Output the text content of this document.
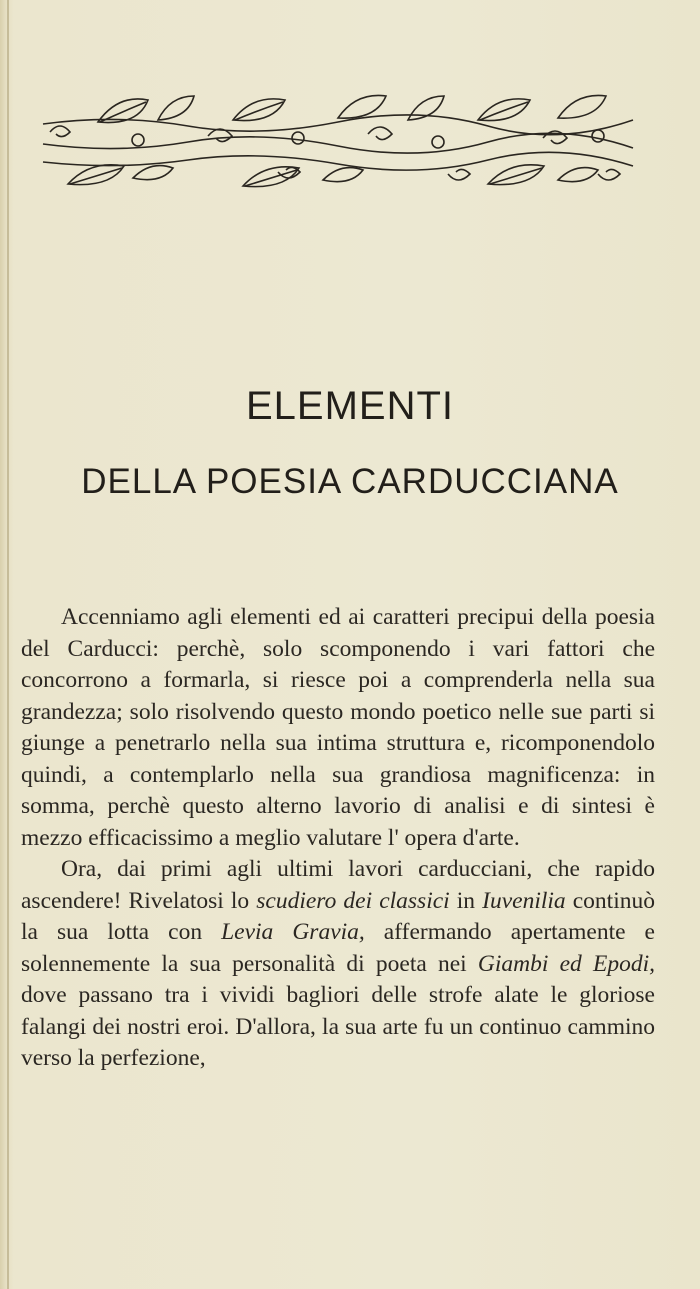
ELEMENTI
DELLA POESIA CARDUCCIANA

Accenniamo agli elementi ed ai caratteri precipui della poesia del Carducci: perchè, solo scomponendo i vari fattori che concorrono a formarla, si riesce poi a comprenderla nella sua grandezza; solo risolvendo questo mondo poetico nelle sue parti si giunge a penetrarlo nella sua intima struttura e, ricomponendolo quindi, a contemplarlo nella sua grandiosa magnificenza: in somma, perchè questo alterno lavorio di analisi e di sintesi è mezzo efficacissimo a meglio valutare l' opera d'arte.

Ora, dai primi agli ultimi lavori carducciani, che rapido ascendere! Rivelatosi lo scudiero dei classici in Iuvenilia continuò la sua lotta con Levia Gravia, affermando apertamente e solennemente la sua personalità di poeta nei Giambi ed Epodi, dove passano tra i vividi bagliori delle strofe alate le gloriose falangi dei nostri eroi. D'allora, la sua arte fu un continuo cammino verso la perfezione,
